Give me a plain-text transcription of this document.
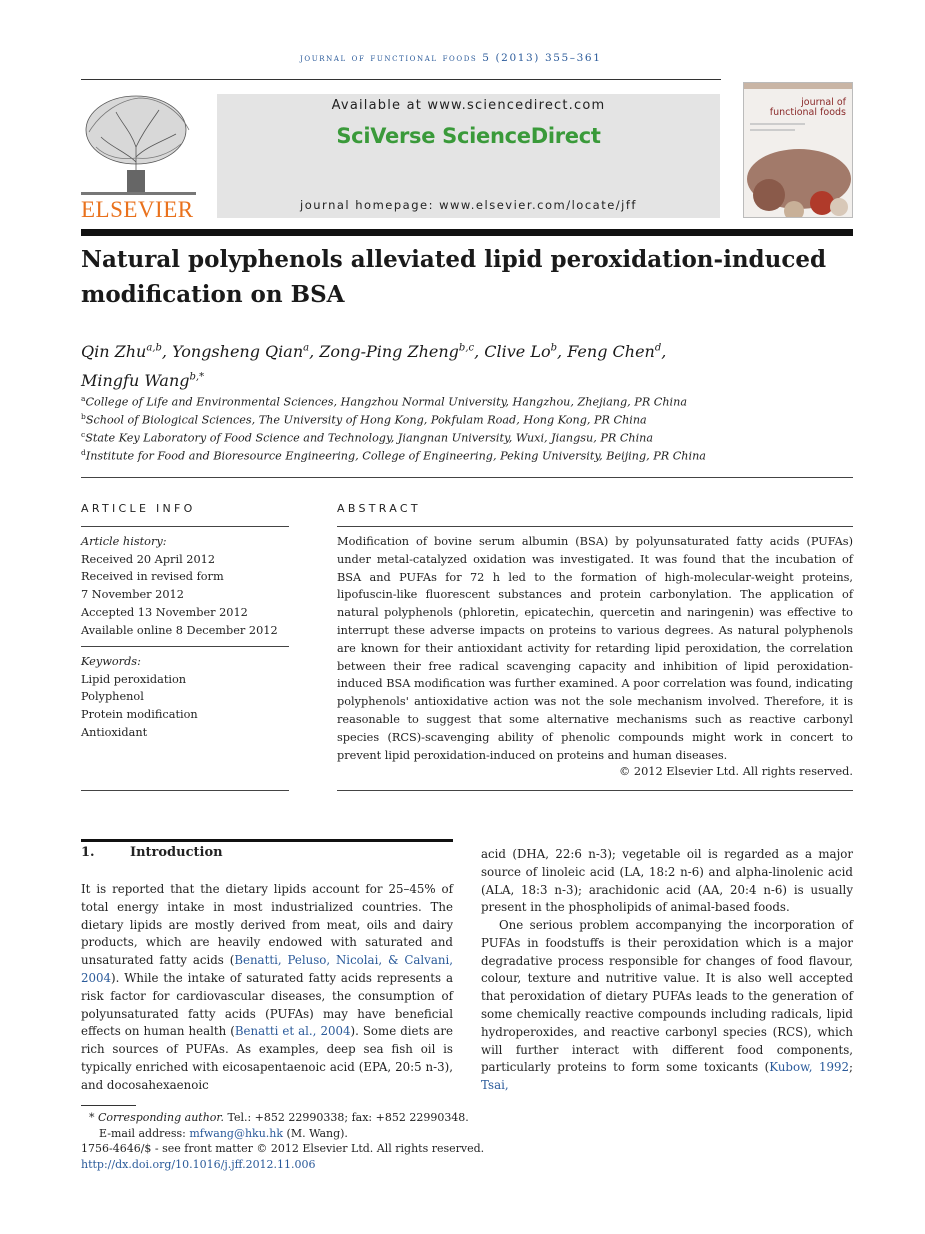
journal of functional foods 5 (2013) 355–361
ELSEVIER
Available at www.sciencedirect.com
SciVerse ScienceDirect
journal homepage: www.elsevier.com/locate/jff
journal of
functional foods
Natural polyphenols alleviated lipid peroxidation-induced
modification on BSA
Qin Zhu$^{a,b}$, Yongsheng Qian$^a$, Zong-Ping Zheng$^{b,c}$, Clive Lo$^b$, Feng Chen$^d$,
Mingfu Wang$^{b,*}$
$^a$College of Life and Environmental Sciences, Hangzhou Normal University, Hangzhou, Zhejiang, PR China
$^b$School of Biological Sciences, The University of Hong Kong, Pokfulam Road, Hong Kong, PR China
$^c$State Key Laboratory of Food Science and Technology, Jiangnan University, Wuxi, Jiangsu, PR China
$^d$Institute for Food and Bioresource Engineering, College of Engineering, Peking University, Beijing, PR China
ARTICLE INFO
Article history:
Received 20 April 2012
Received in revised form
7 November 2012
Accepted 13 November 2012
Available online 8 December 2012
Keywords:
Lipid peroxidation
Polyphenol
Protein modification
Antioxidant
ABSTRACT
Modification of bovine serum albumin (BSA) by polyunsaturated fatty acids (PUFAs) under metal-catalyzed oxidation was investigated. It was found that the incubation of BSA and PUFAs for 72 h led to the formation of high-molecular-weight proteins, lipofuscin-like fluorescent substances and protein carbonylation. The application of natural polyphenols (phloretin, epicatechin, quercetin and naringenin) was effective to interrupt these adverse impacts on proteins to various degrees. As natural polyphenols are known for their antioxidant activity for retarding lipid peroxidation, the correlation between their free radical scavenging capacity and inhibition of lipid peroxidation-induced BSA modification was further examined. A poor correlation was found, indicating polyphenols' antioxidative action was not the sole mechanism involved. Therefore, it is reasonable to suggest that some alternative mechanisms such as reactive carbonyl species (RCS)-scavenging ability of phenolic compounds might work in concert to prevent lipid peroxidation-induced on proteins and human diseases.
© 2012 Elsevier Ltd. All rights reserved.
1.	Introduction
It is reported that the dietary lipids account for 25–45% of total energy intake in most industrialized countries. The dietary lipids are mostly derived from meat, oils and dairy products, which are heavily endowed with saturated and unsaturated fatty acids (Benatti, Peluso, Nicolai, & Calvani, 2004). While the intake of saturated fatty acids represents a risk factor for cardiovascular diseases, the consumption of polyunsaturated fatty acids (PUFAs) may have beneficial effects on human health (Benatti et al., 2004). Some diets are rich sources of PUFAs. As examples, deep sea fish oil is typically enriched with eicosapentaenoic acid (EPA, 20:5 n-3), and docosahexaenoic
acid (DHA, 22:6 n-3); vegetable oil is regarded as a major source of linoleic acid (LA, 18:2 n-6) and alpha-linolenic acid (ALA, 18:3 n-3); arachidonic acid (AA, 20:4 n-6) is usually present in the phospholipids of animal-based foods.
One serious problem accompanying the incorporation of PUFAs in foodstuffs is their peroxidation which is a major degradative process responsible for changes of food flavour, colour, texture and nutritive value. It is also well accepted that peroxidation of dietary PUFAs leads to the generation of some chemically reactive compounds including radicals, lipid hydroperoxides, and reactive carbonyl species (RCS), which will further interact with different food components, particularly proteins to form some toxicants (Kubow, 1992; Tsai,
* Corresponding author. Tel.: +852 22990338; fax: +852 22990348.
E-mail address: mfwang@hku.hk (M. Wang).
1756-4646/$ - see front matter © 2012 Elsevier Ltd. All rights reserved.
http://dx.doi.org/10.1016/j.jff.2012.11.006
